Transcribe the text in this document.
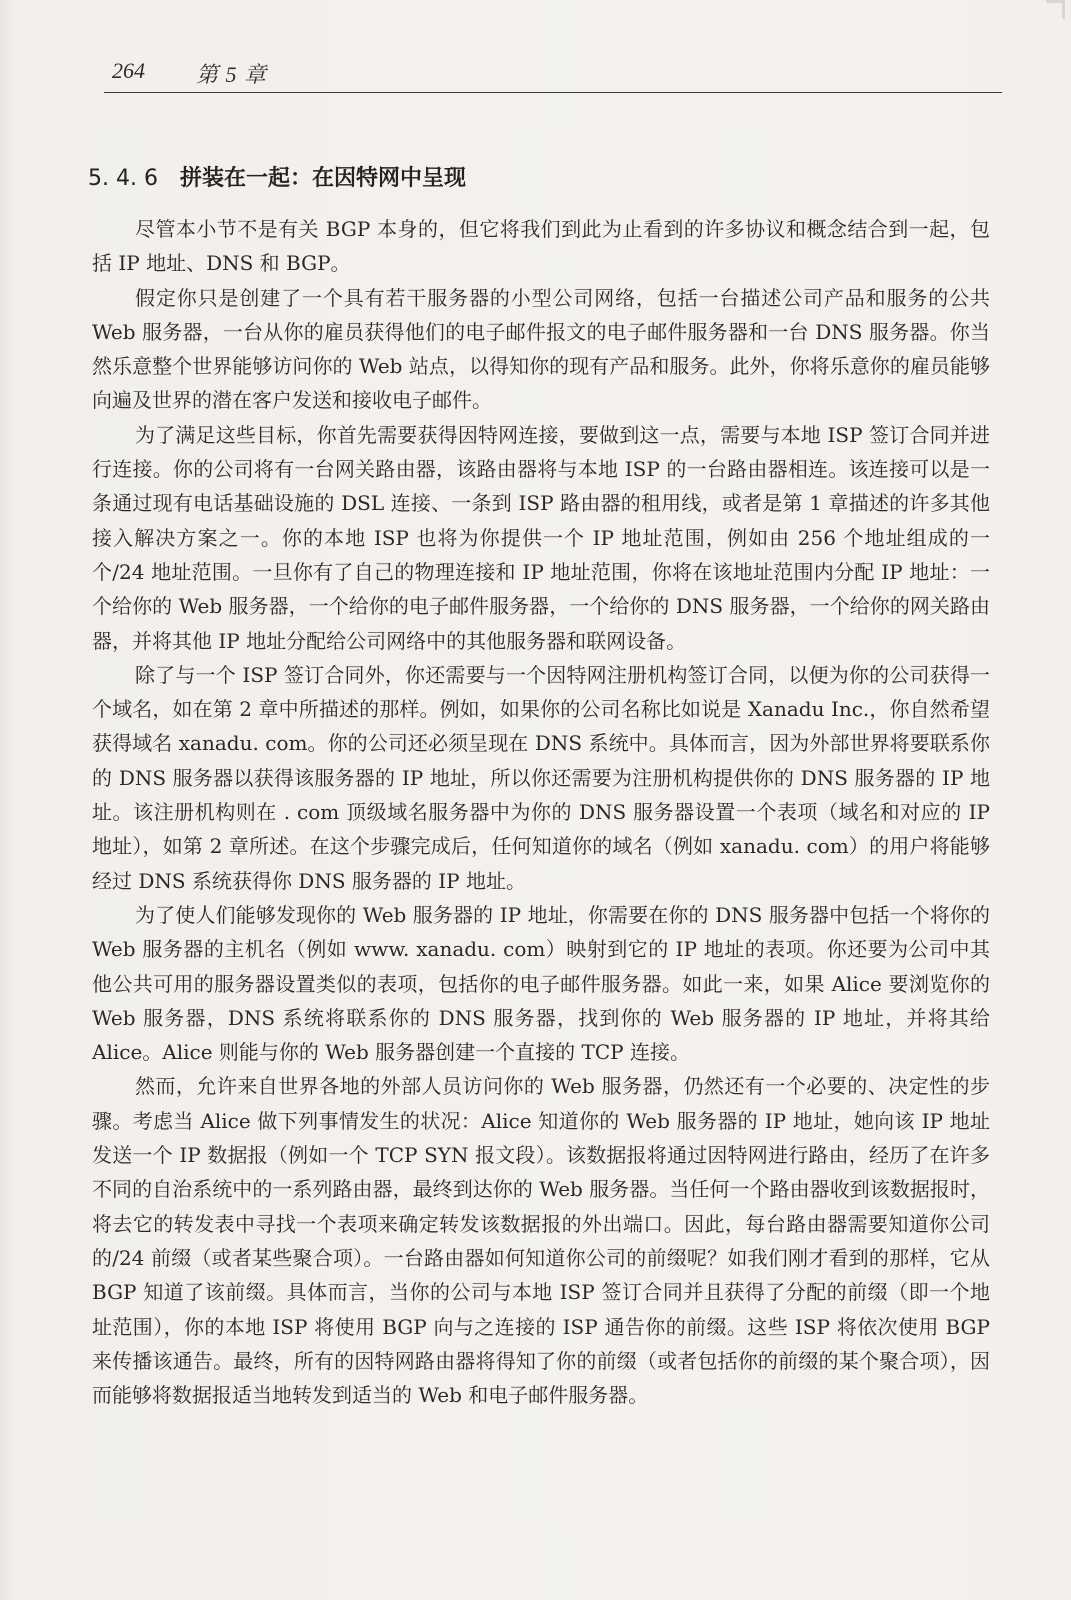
264 第 5 章
5. 4. 6 拼装在一起：在因特网中呈现

尽管本小节不是有关 BGP 本身的，但它将我们到此为止看到的许多协议和概念结合到一起，包括 IP 地址、DNS 和 BGP。

假定你只是创建了一个具有若干服务器的小型公司网络，包括一台描述公司产品和服务的公共 Web 服务器，一台从你的雇员获得他们的电子邮件报文的电子邮件服务器和一台 DNS 服务器。你当然乐意整个世界能够访问你的 Web 站点，以得知你的现有产品和服务。此外，你将乐意你的雇员能够向遍及世界的潜在客户发送和接收电子邮件。

为了满足这些目标，你首先需要获得因特网连接，要做到这一点，需要与本地 ISP 签订合同并进行连接。你的公司将有一台网关路由器，该路由器将与本地 ISP 的一台路由器相连。该连接可以是一条通过现有电话基础设施的 DSL 连接、一条到 ISP 路由器的租用线，或者是第 1 章描述的许多其他接入解决方案之一。你的本地 ISP 也将为你提供一个 IP 地址范围，例如由 256 个地址组成的一个/24 地址范围。一旦你有了自己的物理连接和 IP 地址范围，你将在该地址范围内分配 IP 地址：一个给你的 Web 服务器，一个给你的电子邮件服务器，一个给你的 DNS 服务器，一个给你的网关路由器，并将其他 IP 地址分配给公司网络中的其他服务器和联网设备。

除了与一个 ISP 签订合同外，你还需要与一个因特网注册机构签订合同，以便为你的公司获得一个域名，如在第 2 章中所描述的那样。例如，如果你的公司名称比如说是 Xanadu Inc.，你自然希望获得域名 xanadu. com。你的公司还必须呈现在 DNS 系统中。具体而言，因为外部世界将要联系你的 DNS 服务器以获得该服务器的 IP 地址，所以你还需要为注册机构提供你的 DNS 服务器的 IP 地址。该注册机构则在 . com 顶级域名服务器中为你的 DNS 服务器设置一个表项（域名和对应的 IP 地址），如第 2 章所述。在这个步骤完成后，任何知道你的域名（例如 xanadu. com）的用户将能够经过 DNS 系统获得你 DNS 服务器的 IP 地址。

为了使人们能够发现你的 Web 服务器的 IP 地址，你需要在你的 DNS 服务器中包括一个将你的 Web 服务器的主机名（例如 www. xanadu. com）映射到它的 IP 地址的表项。你还要为公司中其他公共可用的服务器设置类似的表项，包括你的电子邮件服务器。如此一来，如果 Alice 要浏览你的 Web 服务器，DNS 系统将联系你的 DNS 服务器，找到你的 Web 服务器的 IP 地址，并将其给 Alice。Alice 则能与你的 Web 服务器创建一个直接的 TCP 连接。

然而，允许来自世界各地的外部人员访问你的 Web 服务器，仍然还有一个必要的、决定性的步骤。考虑当 Alice 做下列事情发生的状况：Alice 知道你的 Web 服务器的 IP 地址，她向该 IP 地址发送一个 IP 数据报（例如一个 TCP SYN 报文段）。该数据报将通过因特网进行路由，经历了在许多不同的自治系统中的一系列路由器，最终到达你的 Web 服务器。当任何一个路由器收到该数据报时，将去它的转发表中寻找一个表项来确定转发该数据报的外出端口。因此，每台路由器需要知道你公司的/24 前缀（或者某些聚合项）。一台路由器如何知道你公司的前缀呢？如我们刚才看到的那样，它从 BGP 知道了该前缀。具体而言，当你的公司与本地 ISP 签订合同并且获得了分配的前缀（即一个地址范围），你的本地 ISP 将使用 BGP 向与之连接的 ISP 通告你的前缀。这些 ISP 将依次使用 BGP 来传播该通告。最终，所有的因特网路由器将得知了你的前缀（或者包括你的前缀的某个聚合项），因而能够将数据报适当地转发到适当的 Web 和电子邮件服务器。
